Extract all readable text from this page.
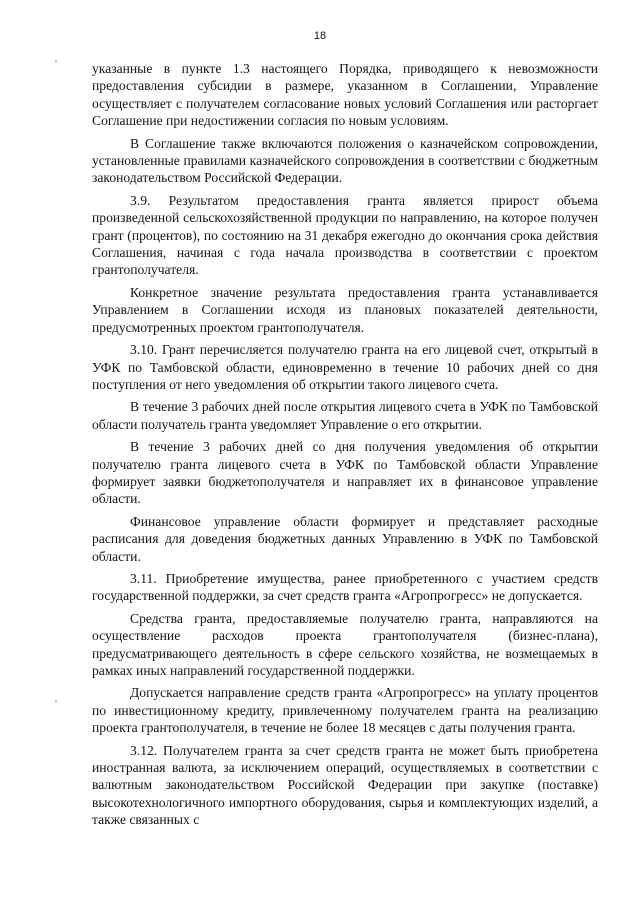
18

указанные в пункте 1.3 настоящего Порядка, приводящего к невозможности предоставления субсидии в размере, указанном в Соглашении, Управление осуществляет с получателем согласование новых условий Соглашения или расторгает Соглашение при недостижении согласия по новым условиям.

В Соглашение также включаются положения о казначейском сопровождении, установленные правилами казначейского сопровождения в соответствии с бюджетным законодательством Российской Федерации.

3.9. Результатом предоставления гранта является прирост объема произведенной сельскохозяйственной продукции по направлению, на которое получен грант (процентов), по состоянию на 31 декабря ежегодно до окончания срока действия Соглашения, начиная с года начала производства в соответствии с проектом грантополучателя.

Конкретное значение результата предоставления гранта устанавливается Управлением в Соглашении исходя из плановых показателей деятельности, предусмотренных проектом грантополучателя.

3.10. Грант перечисляется получателю гранта на его лицевой счет, открытый в УФК по Тамбовской области, единовременно в течение 10 рабочих дней со дня поступления от него уведомления об открытии такого лицевого счета.

В течение 3 рабочих дней после открытия лицевого счета в УФК по Тамбовской области получатель гранта уведомляет Управление о его открытии.

В течение 3 рабочих дней со дня получения уведомления об открытии получателю гранта лицевого счета в УФК по Тамбовской области Управление формирует заявки бюджетополучателя и направляет их в финансовое управление области.

Финансовое управление области формирует и представляет расходные расписания для доведения бюджетных данных Управлению в УФК по Тамбовской области.

3.11. Приобретение имущества, ранее приобретенного с участием средств государственной поддержки, за счет средств гранта «Агропрогресс» не допускается.

Средства гранта, предоставляемые получателю гранта, направляются на осуществление расходов проекта грантополучателя (бизнес-плана), предусматривающего деятельность в сфере сельского хозяйства, не возмещаемых в рамках иных направлений государственной поддержки.

Допускается направление средств гранта «Агропрогресс» на уплату процентов по инвестиционному кредиту, привлеченному получателем гранта на реализацию проекта грантополучателя, в течение не более 18 месяцев с даты получения гранта.

3.12. Получателем гранта за счет средств гранта не может быть приобретена иностранная валюта, за исключением операций, осуществляемых в соответствии с валютным законодательством Российской Федерации при закупке (поставке) высокотехнологичного импортного оборудования, сырья и комплектующих изделий, а также связанных с
